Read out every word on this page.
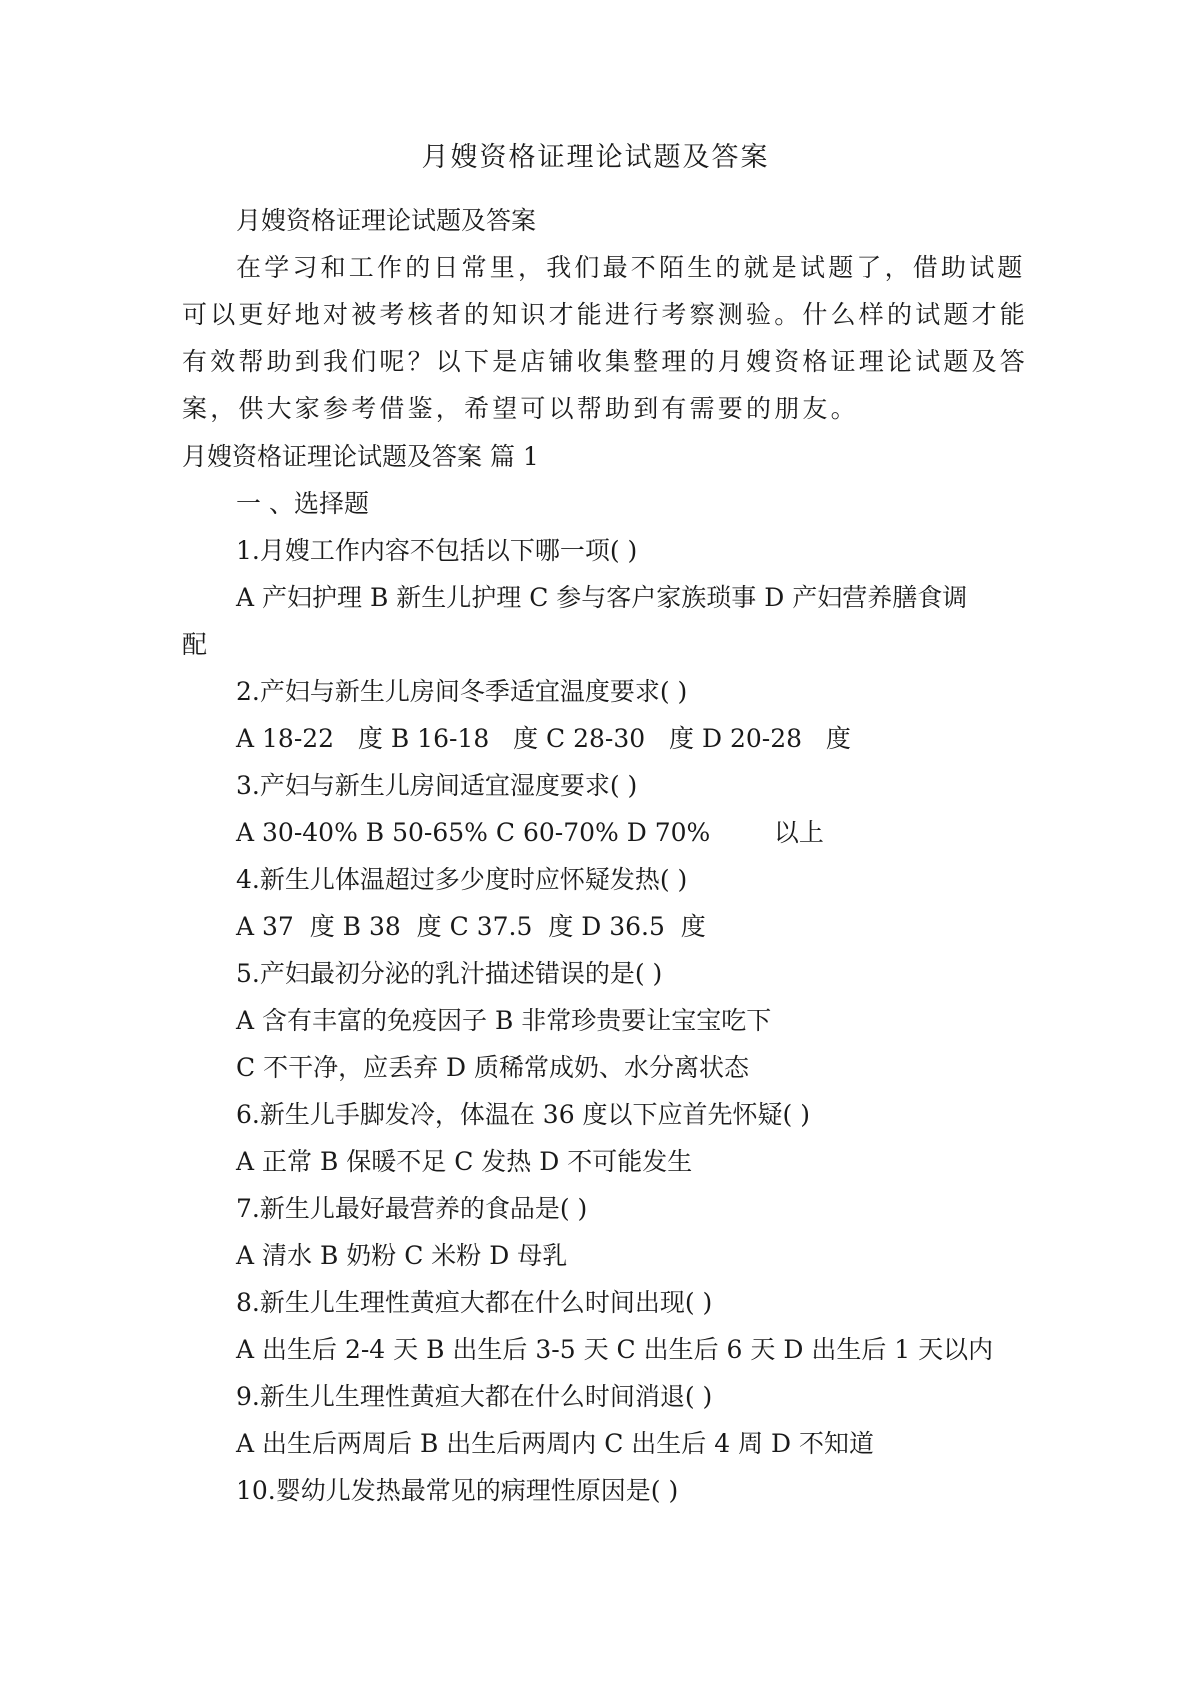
月嫂资格证理论试题及答案

月嫂资格证理论试题及答案

在学习和工作的日常里，我们最不陌生的就是试题了，借助试题

可以更好地对被考核者的知识才能进行考察测验。什么样的试题才能

有效帮助到我们呢？以下是店铺收集整理的月嫂资格证理论试题及答

案，供大家参考借鉴，希望可以帮助到有需要的朋友。

月嫂资格证理论试题及答案 篇 1

一 、选择题

1.月嫂工作内容不包括以下哪一项( )

A 产妇护理 B 新生儿护理 C 参与客户家族琐事 D 产妇营养膳食调

配

2.产妇与新生儿房间冬季适宜温度要求( )

A 18-22   度 B 16-18   度 C 28-30   度 D 20-28   度

3.产妇与新生儿房间适宜湿度要求( )

A 30-40% B 50-65% C 60-70% D 70%        以上

4.新生儿体温超过多少度时应怀疑发热( )

A 37  度 B 38  度 C 37.5  度 D 36.5  度

5.产妇最初分泌的乳汁描述错误的是( )

A 含有丰富的免疫因子 B 非常珍贵要让宝宝吃下

C 不干净，应丢弃 D 质稀常成奶、水分离状态

6.新生儿手脚发冷，体温在 36 度以下应首先怀疑( )

A 正常 B 保暖不足 C 发热 D 不可能发生

7.新生儿最好最营养的食品是( )

A 清水 B 奶粉 C 米粉 D 母乳

8.新生儿生理性黄疸大都在什么时间出现( )

A 出生后 2-4 天 B 出生后 3-5 天 C 出生后 6 天 D 出生后 1 天以内

9.新生儿生理性黄疸大都在什么时间消退( )

A 出生后两周后 B 出生后两周内 C 出生后 4 周 D 不知道

10.婴幼儿发热最常见的病理性原因是( )
